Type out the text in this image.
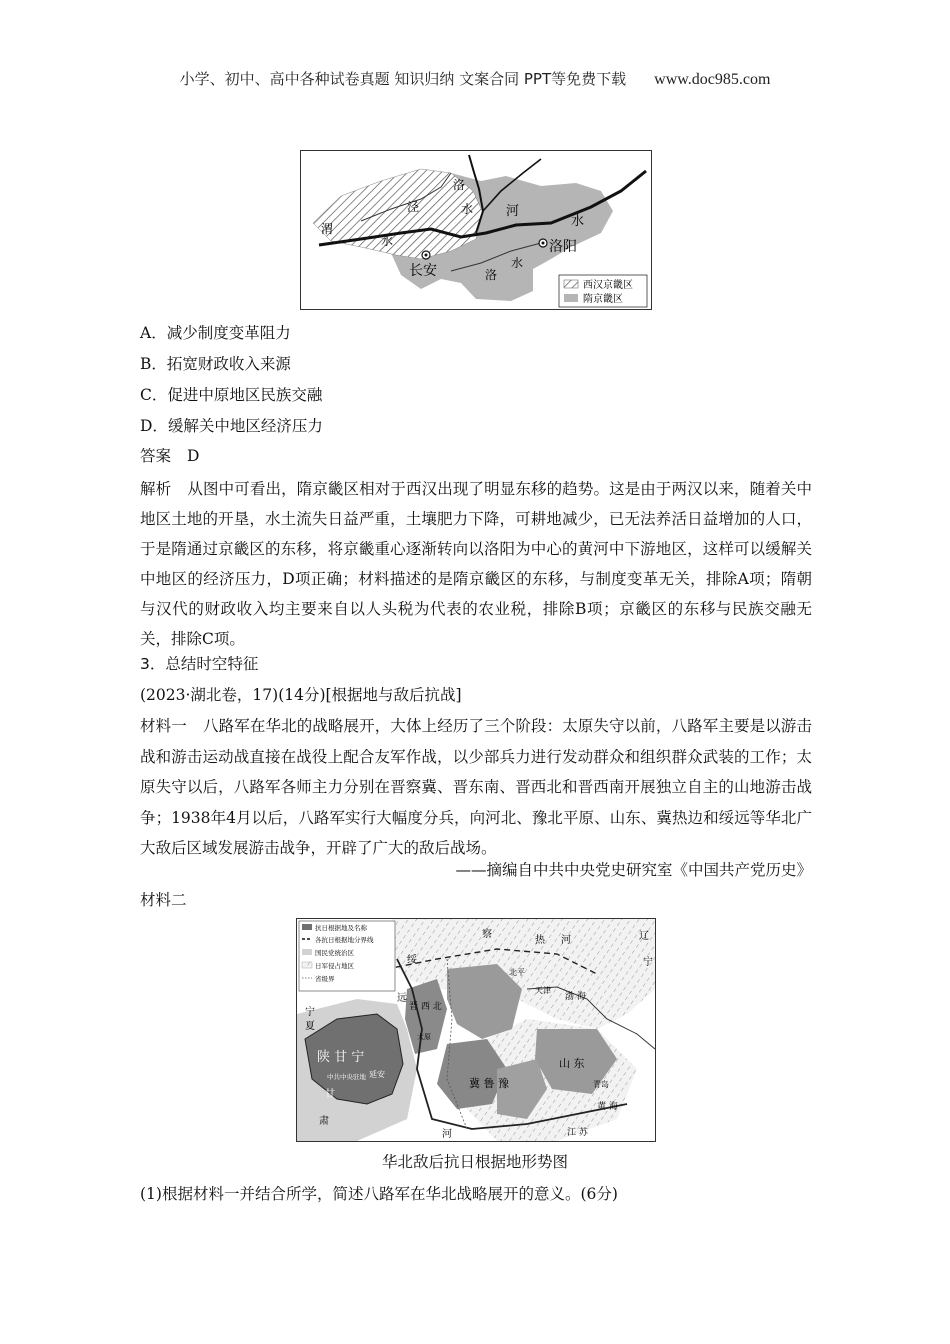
小学、初中、高中各种试卷真题 知识归纳 文案合同 PPT等免费下载 www.doc985.com
洛
泾
渭
水
水
河
水
洛阳
长安	洛
水
西汉京畿区
隋京畿区
A．减少制度变革阻力
B．拓宽财政收入来源
C．促进中原地区民族交融
D．缓解关中地区经济压力
答案 D
解析 从图中可看出，隋京畿区相对于西汉出现了明显东移的趋势。这是由于两汉以来，随着关中地区土地的开垦，水土流失日益严重，土壤肥力下降，可耕地减少，已无法养活日益增加的人口，于是隋通过京畿区的东移，将京畿重心逐渐转向以洛阳为中心的黄河中下游地区，这样可以缓解关中地区的经济压力，D项正确；材料描述的是隋京畿区的东移，与制度变革无关，排除A项；隋朝与汉代的财政收入均主要来自以人头税为代表的农业税，排除B项；京畿区的东移与民族交融无关，排除C项。
3．总结时空特征
(2023·湖北卷，17)(14分)[根据地与敌后抗战]
材料一 八路军在华北的战略展开，大体上经历了三个阶段：太原失守以前，八路军主要是以游击战和游击运动战直接在战役上配合友军作战，以少部兵力进行发动群众和组织群众武装的工作；太原失守以后，八路军各师主力分别在晋察冀、晋东南、晋西北和晋西南开展独立自主的山地游击战争；1938年4月以后，八路军实行大幅度分兵，向河北、豫北平原、山东、冀热边和绥远等华北广大敌后区域发展游击战争，开辟了广大的敌后战场。
——摘编自中共中央党史研究室《中国共产党历史》
材料二
抗日根据地及名称
各抗日根据地分界线
国民党统治区
日军侵占地区
省级界
察
热 河	辽
宁
绥
远
宁
夏
陕 甘 宁
延安
中共中央驻地
甘
肃
晋 西 北
北平
天津
渤 海
太原
冀 鲁 豫
山 东
青岛
黄 海
江 苏
河
华北敌后抗日根据地形势图
(1)根据材料一并结合所学，简述八路军在华北战略展开的意义。(6分)
